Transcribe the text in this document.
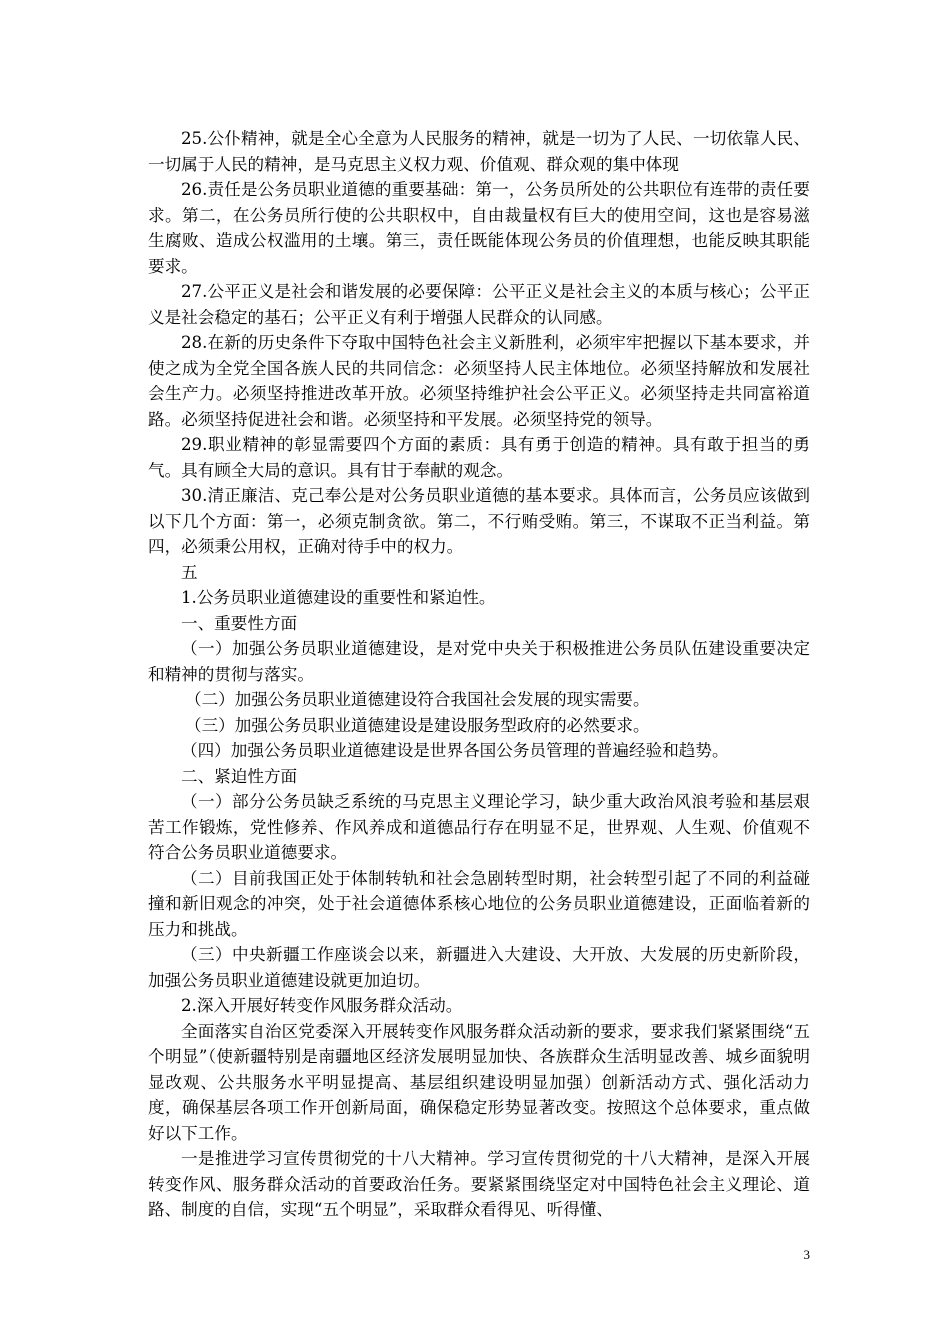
25.公仆精神，就是全心全意为人民服务的精神，就是一切为了人民、一切依靠人民、一切属于人民的精神，是马克思主义权力观、价值观、群众观的集中体现

26.责任是公务员职业道德的重要基础：第一，公务员所处的公共职位有连带的责任要求。第二，在公务员所行使的公共职权中，自由裁量权有巨大的使用空间，这也是容易滋生腐败、造成公权滥用的土壤。第三，责任既能体现公务员的价值理想，也能反映其职能要求。

27.公平正义是社会和谐发展的必要保障：公平正义是社会主义的本质与核心；公平正义是社会稳定的基石；公平正义有利于增强人民群众的认同感。

28.在新的历史条件下夺取中国特色社会主义新胜利，必须牢牢把握以下基本要求，并使之成为全党全国各族人民的共同信念：必须坚持人民主体地位。必须坚持解放和发展社会生产力。必须坚持推进改革开放。必须坚持维护社会公平正义。必须坚持走共同富裕道路。必须坚持促进社会和谐。必须坚持和平发展。必须坚持党的领导。

29.职业精神的彰显需要四个方面的素质：具有勇于创造的精神。具有敢于担当的勇气。具有顾全大局的意识。具有甘于奉献的观念。

30.清正廉洁、克己奉公是对公务员职业道德的基本要求。具体而言，公务员应该做到以下几个方面：第一，必须克制贪欲。第二，不行贿受贿。第三，不谋取不正当利益。第四，必须秉公用权，正确对待手中的权力。

五

1.公务员职业道德建设的重要性和紧迫性。

一、重要性方面

（一）加强公务员职业道德建设，是对党中央关于积极推进公务员队伍建设重要决定和精神的贯彻与落实。

（二）加强公务员职业道德建设符合我国社会发展的现实需要。

（三）加强公务员职业道德建设是建设服务型政府的必然要求。

（四）加强公务员职业道德建设是世界各国公务员管理的普遍经验和趋势。

二、紧迫性方面

（一）部分公务员缺乏系统的马克思主义理论学习，缺少重大政治风浪考验和基层艰苦工作锻炼，党性修养、作风养成和道德品行存在明显不足，世界观、人生观、价值观不符合公务员职业道德要求。

（二）目前我国正处于体制转轨和社会急剧转型时期，社会转型引起了不同的利益碰撞和新旧观念的冲突，处于社会道德体系核心地位的公务员职业道德建设，正面临着新的压力和挑战。

（三）中央新疆工作座谈会以来，新疆进入大建设、大开放、大发展的历史新阶段，加强公务员职业道德建设就更加迫切。

2.深入开展好转变作风服务群众活动。

全面落实自治区党委深入开展转变作风服务群众活动新的要求，要求我们紧紧围绕“五个明显”（使新疆特别是南疆地区经济发展明显加快、各族群众生活明显改善、城乡面貌明显改观、公共服务水平明显提高、基层组织建设明显加强）创新活动方式、强化活动力度，确保基层各项工作开创新局面，确保稳定形势显著改变。按照这个总体要求，重点做好以下工作。

一是推进学习宣传贯彻党的十八大精神。学习宣传贯彻党的十八大精神，是深入开展转变作风、服务群众活动的首要政治任务。要紧紧围绕坚定对中国特色社会主义理论、道路、制度的自信，实现“五个明显”，采取群众看得见、听得懂、

3
